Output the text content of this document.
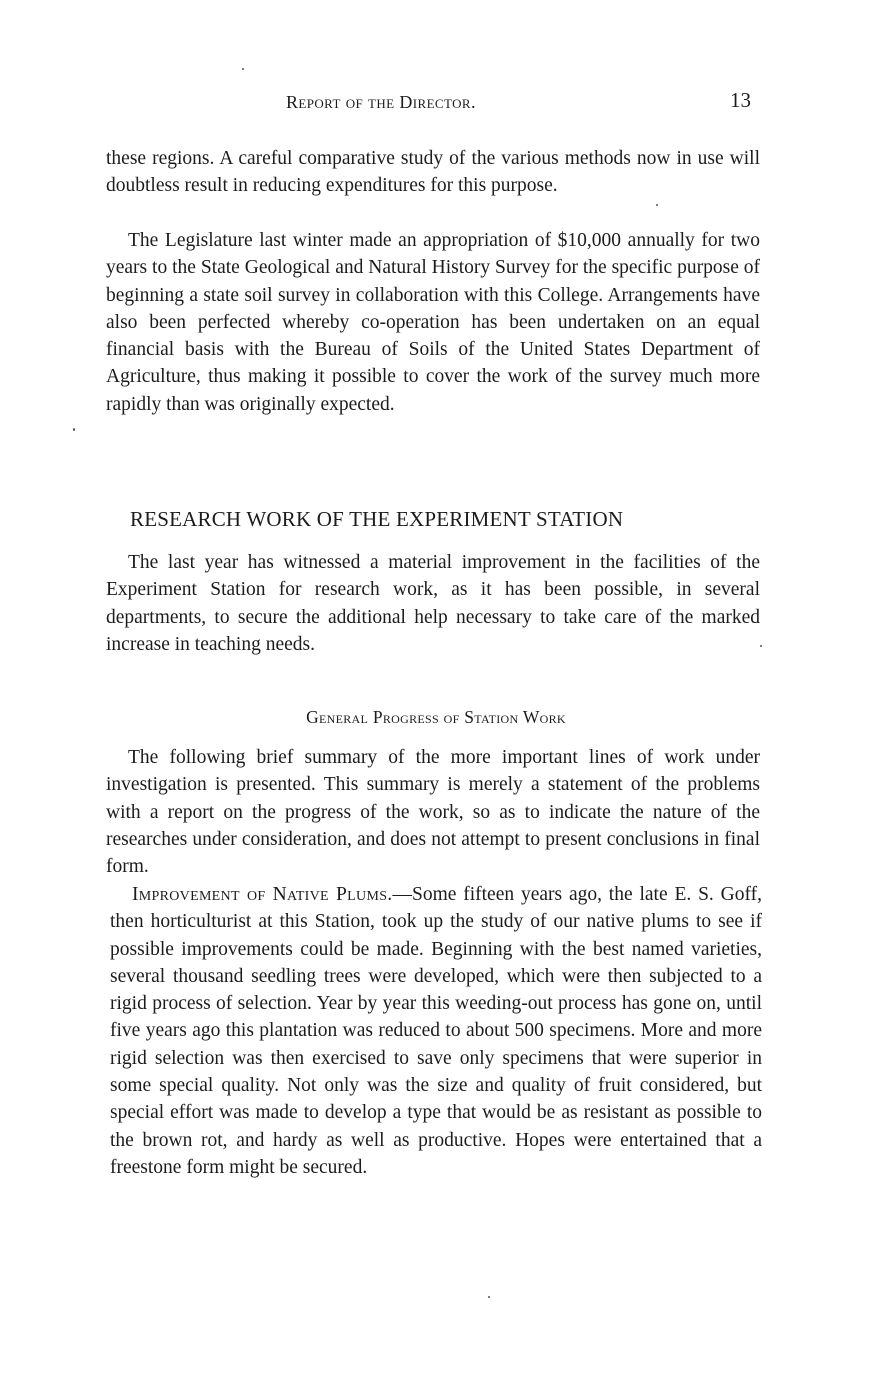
Report of the Director.	13

these regions. A careful comparative study of the various methods now in use will doubtless result in reducing expenditures for this purpose.

The Legislature last winter made an appropriation of $10,000 annually for two years to the State Geological and Natural History Survey for the specific purpose of beginning a state soil survey in collaboration with this College. Arrangements have also been perfected whereby co-operation has been undertaken on an equal financial basis with the Bureau of Soils of the United States Department of Agriculture, thus making it possible to cover the work of the survey much more rapidly than was originally expected.

RESEARCH WORK OF THE EXPERIMENT STATION

The last year has witnessed a material improvement in the facilities of the Experiment Station for research work, as it has been possible, in several departments, to secure the additional help necessary to take care of the marked increase in teaching needs.

General Progress of Station Work

The following brief summary of the more important lines of work under investigation is presented. This summary is merely a statement of the problems with a report on the progress of the work, so as to indicate the nature of the researches under consideration, and does not attempt to present conclusions in final form.

Improvement of Native Plums.—Some fifteen years ago, the late E. S. Goff, then horticulturist at this Station, took up the study of our native plums to see if possible improvements could be made. Beginning with the best named varieties, several thousand seedling trees were developed, which were then subjected to a rigid process of selection. Year by year this weeding-out process has gone on, until five years ago this plantation was reduced to about 500 specimens. More and more rigid selection was then exercised to save only specimens that were superior in some special quality. Not only was the size and quality of fruit considered, but special effort was made to develop a type that would be as resistant as possible to the brown rot, and hardy as well as productive. Hopes were entertained that a freestone form might be secured.
